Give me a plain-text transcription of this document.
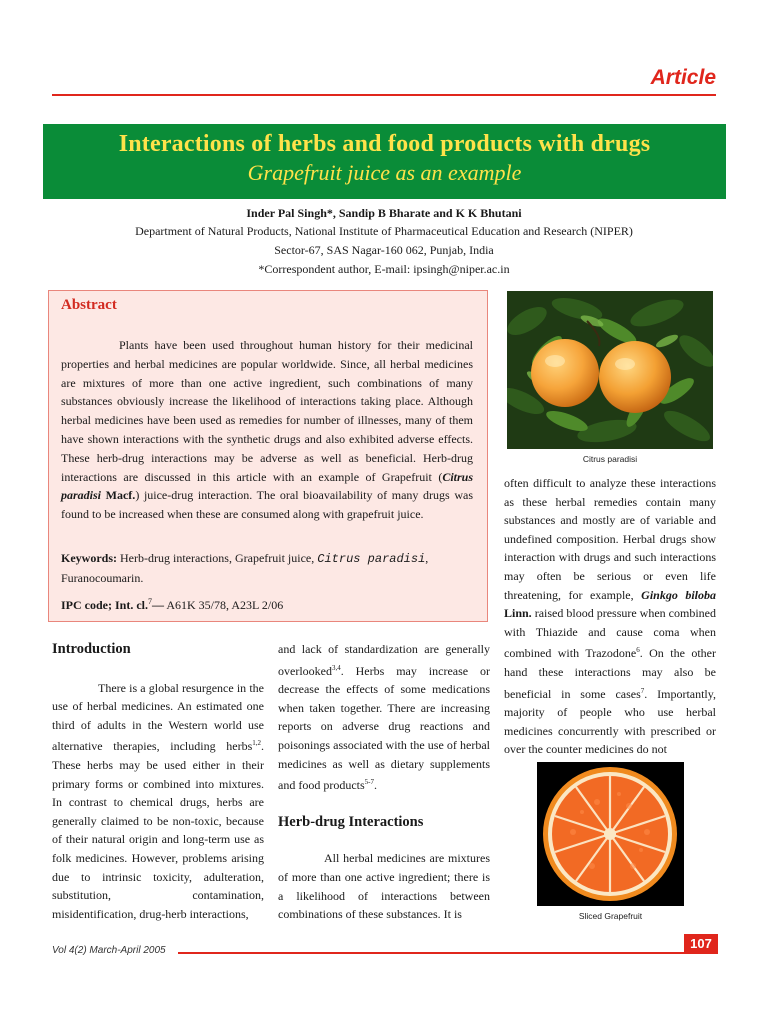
Article
Interactions of herbs and food products with drugs
Grapefruit juice as an example
Inder Pal Singh*, Sandip B Bharate and K K Bhutani
Department of Natural Products, National Institute of Pharmaceutical Education and Research (NIPER)
Sector-67, SAS Nagar-160 062, Punjab, India
*Correspondent author, E-mail: ipsingh@niper.ac.in
Abstract

Plants have been used throughout human history for their medicinal properties and herbal medicines are popular worldwide. Since, all herbal medicines are mixtures of more than one active ingredient, such combinations of many substances obviously increase the likelihood of interactions taking place. Although herbal medicines have been used as remedies for number of illnesses, many of them have shown interactions with the synthetic drugs and also exhibited adverse effects. These herb-drug interactions may be adverse as well as beneficial. Herb-drug interactions are discussed in this article with an example of Grapefruit (Citrus paradisi Macf.) juice-drug interaction. The oral bioavailability of many drugs was found to be increased when these are consumed along with grapefruit juice.

Keywords: Herb-drug interactions, Grapefruit juice, Citrus paradisi, Furanocoumarin.
IPC code; Int. cl.$^7$— A61K 35/78, A23L 2/06
Citrus paradisi
Introduction

There is a global resurgence in the use of herbal medicines. An estimated one third of adults in the Western world use alternative therapies, including herbs$^{1,2}$. These herbs may be used either in their primary forms or combined into mixtures. In contrast to chemical drugs, herbs are generally claimed to be non-toxic, because of their natural origin and long-term use as folk medicines. However, problems arising due to intrinsic toxicity, adulteration, substitution, contamination, misidentification, drug-herb interactions,

and lack of standardization are generally overlooked$^{3,4}$. Herbs may increase or decrease the effects of some medications when taken together. There are increasing reports on adverse drug reactions and poisonings associated with the use of herbal medicines as well as dietary supplements and food products$^{5-7}$.

Herb-drug Interactions

All herbal medicines are mixtures of more than one active ingredient; there is a likelihood of interactions between combinations of these substances. It is

often difficult to analyze these interactions as these herbal remedies contain many substances and mostly are of variable and undefined composition. Herbal drugs show interaction with drugs and such interactions may often be serious or even life threatening, for example, Ginkgo biloba Linn. raised blood pressure when combined with Thiazide and cause coma when combined with Trazodone$^6$. On the other hand these interactions may also be beneficial in some cases$^7$. Importantly, majority of people who use herbal medicines concurrently with prescribed or over the counter medicines do not

Sliced Grapefruit
Vol 4(2) March-April 2005	107
